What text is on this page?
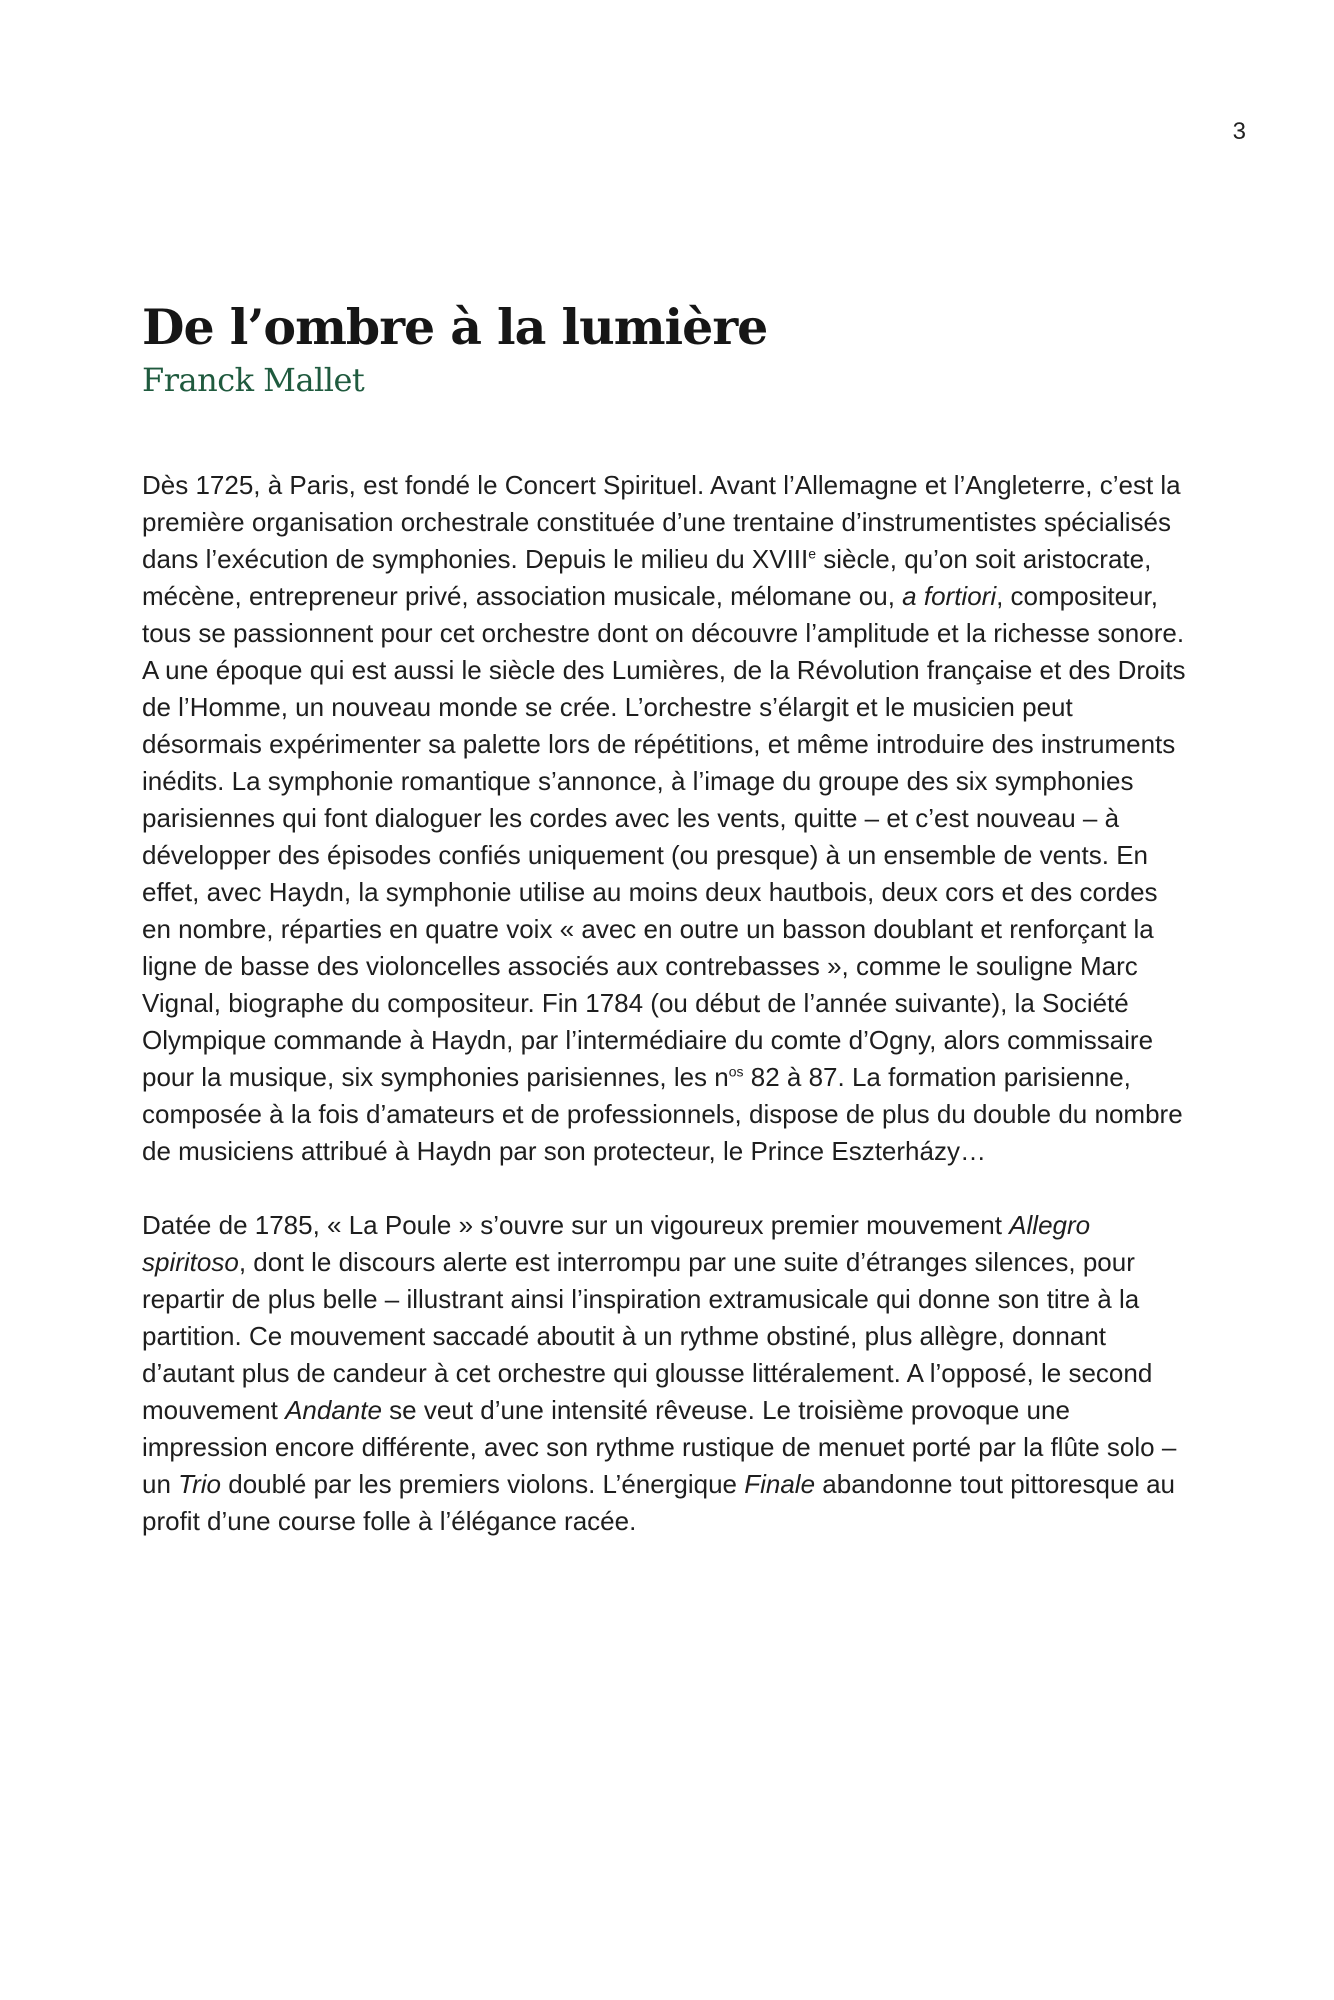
3
De l’ombre à la lumière

Franck Mallet

Dès 1725, à Paris, est fondé le Concert Spirituel. Avant l’Allemagne et l’Angleterre, c’est la première organisation orchestrale constituée d’une trentaine d’instrumentistes spécialisés dans l’exécution de symphonies. Depuis le milieu du XVIIIe siècle, qu’on soit aristocrate, mécène, entrepreneur privé, association musicale, mélomane ou, a fortiori, compositeur, tous se passionnent pour cet orchestre dont on découvre l’amplitude et la richesse sonore. A une époque qui est aussi le siècle des Lumières, de la Révolution française et des Droits de l’Homme, un nouveau monde se crée. L’orchestre s’élargit et le musicien peut désormais expérimenter sa palette lors de répétitions, et même introduire des instruments inédits. La symphonie romantique s’annonce, à l’image du groupe des six symphonies parisiennes qui font dialoguer les cordes avec les vents, quitte – et c’est nouveau – à développer des épisodes confiés uniquement (ou presque) à un ensemble de vents. En effet, avec Haydn, la symphonie utilise au moins deux hautbois, deux cors et des cordes en nombre, réparties en quatre voix « avec en outre un basson doublant et renforçant la ligne de basse des violoncelles associés aux contrebasses », comme le souligne Marc Vignal, biographe du compositeur. Fin 1784 (ou début de l’année suivante), la Société Olympique commande à Haydn, par l’intermédiaire du comte d’Ogny, alors commissaire pour la musique, six symphonies parisiennes, les $n^{os}$ 82 à 87. La formation parisienne, composée à la fois d’amateurs et de professionnels, dispose de plus du double du nombre de musiciens attribué à Haydn par son protecteur, le Prince Eszterházy…

Datée de 1785, « La Poule » s’ouvre sur un vigoureux premier mouvement Allegro spiritoso, dont le discours alerte est interrompu par une suite d’étranges silences, pour repartir de plus belle – illustrant ainsi l’inspiration extramusicale qui donne son titre à la partition. Ce mouvement saccadé aboutit à un rythme obstiné, plus allègre, donnant d’autant plus de candeur à cet orchestre qui glousse littéralement. A l’opposé, le second mouvement Andante se veut d’une intensité rêveuse. Le troisième provoque une impression encore différente, avec son rythme rustique de menuet porté par la flûte solo – un Trio doublé par les premiers violons. L’énergique Finale abandonne tout pittoresque au profit d’une course folle à l’élégance racée.
